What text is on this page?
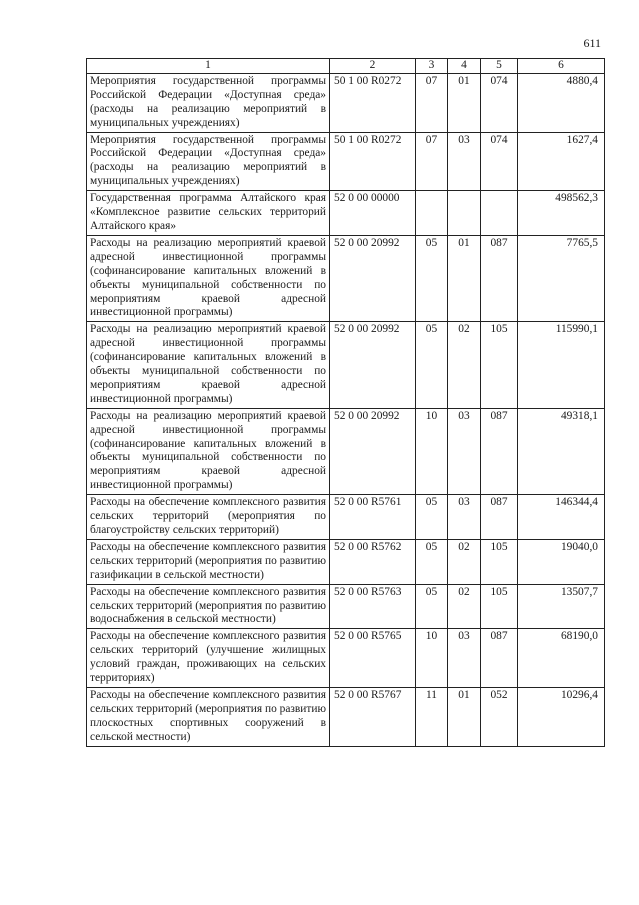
611
1	2	3	4	5	6
Мероприятия государственной программы Российской Федерации «Доступная среда» (расходы на реализацию мероприятий в муниципальных учреждениях)	50 1 00 R0272	07	01	074	4880,4
Мероприятия государственной программы Российской Федерации «Доступная среда» (расходы на реализацию мероприятий в муниципальных учреждениях)	50 1 00 R0272	07	03	074	1627,4
Государственная программа Алтайского края «Комплексное развитие сельских территорий Алтайского края»	52 0 00 00000				498562,3
Расходы на реализацию мероприятий краевой адресной инвестиционной программы (софинансирование капитальных вложений в объекты муниципальной собственности по мероприятиям краевой адресной инвестиционной программы)	52 0 00 20992	05	01	087	7765,5
Расходы на реализацию мероприятий краевой адресной инвестиционной программы (софинансирование капитальных вложений в объекты муниципальной собственности по мероприятиям краевой адресной инвестиционной программы)	52 0 00 20992	05	02	105	115990,1
Расходы на реализацию мероприятий краевой адресной инвестиционной программы (софинансирование капитальных вложений в объекты муниципальной собственности по мероприятиям краевой адресной инвестиционной программы)	52 0 00 20992	10	03	087	49318,1
Расходы на обеспечение комплексного развития сельских территорий (мероприятия по благоустройству сельских территорий)	52 0 00 R5761	05	03	087	146344,4
Расходы на обеспечение комплексного развития сельских территорий (мероприятия по развитию газификации в сельской местности)	52 0 00 R5762	05	02	105	19040,0
Расходы на обеспечение комплексного развития сельских территорий (мероприятия по развитию водоснабжения в сельской местности)	52 0 00 R5763	05	02	105	13507,7
Расходы на обеспечение комплексного развития сельских территорий (улучшение жилищных условий граждан, проживающих на сельских территориях)	52 0 00 R5765	10	03	087	68190,0
Расходы на обеспечение комплексного развития сельских территорий (мероприятия по развитию плоскостных спортивных сооружений в сельской местности)	52 0 00 R5767	11	01	052	10296,4
